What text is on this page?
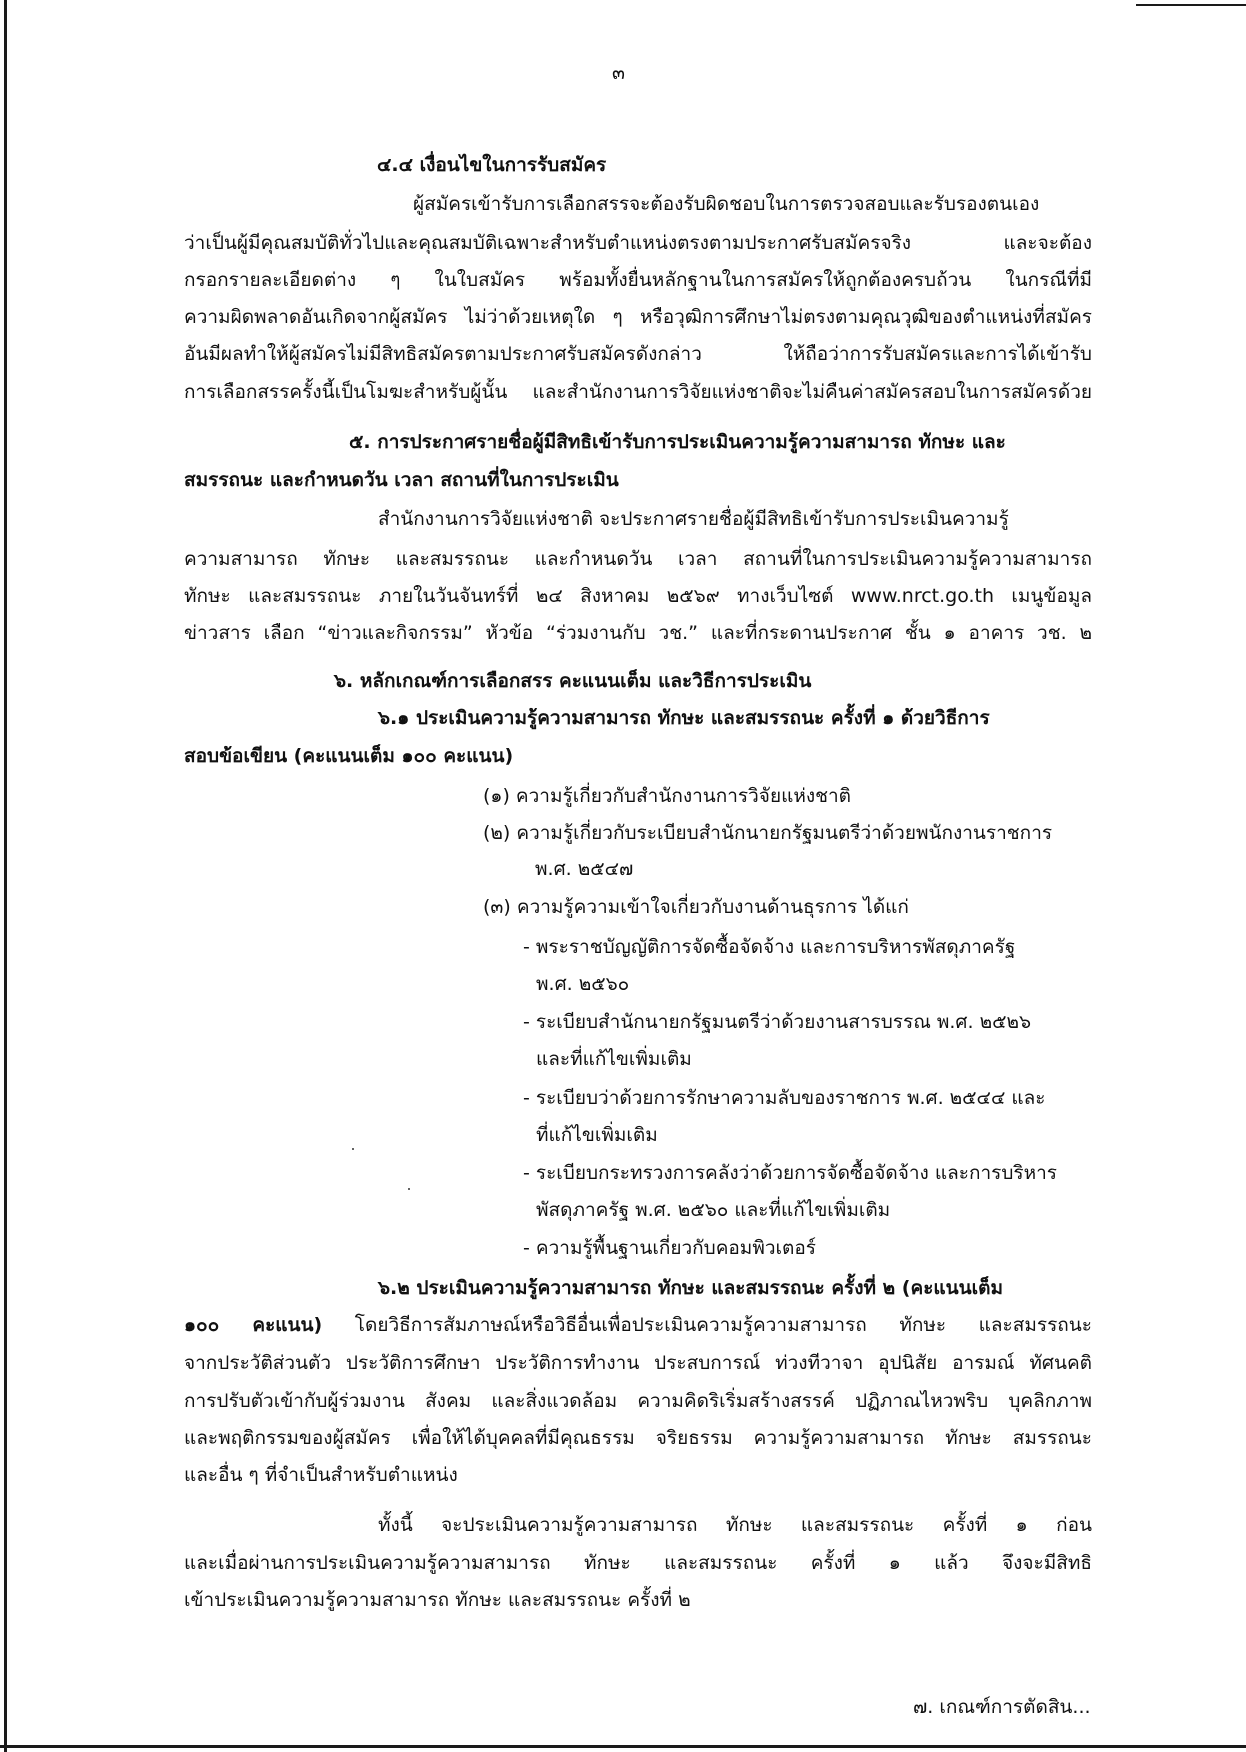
๓
๔.๔ เงื่อนไขในการรับสมัคร
ผู้สมัครเข้ารับการเลือกสรรจะต้องรับผิดชอบในการตรวจสอบและรับรองตนเอง
ว่าเป็นผู้มีคุณสมบัติทั่วไปและคุณสมบัติเฉพาะสำหรับตำแหน่งตรงตามประกาศรับสมัครจริง และจะต้อง
กรอกรายละเอียดต่าง ๆ ในใบสมัคร พร้อมทั้งยื่นหลักฐานในการสมัครให้ถูกต้องครบถ้วน ในกรณีที่มี
ความผิดพลาดอันเกิดจากผู้สมัคร ไม่ว่าด้วยเหตุใด ๆ หรือวุฒิการศึกษาไม่ตรงตามคุณวุฒิของตำแหน่งที่สมัคร
อันมีผลทำให้ผู้สมัครไม่มีสิทธิสมัครตามประกาศรับสมัครดังกล่าว ให้ถือว่าการรับสมัครและการได้เข้ารับ
การเลือกสรรครั้งนี้เป็นโมฆะสำหรับผู้นั้น และสำนักงานการวิจัยแห่งชาติจะไม่คืนค่าสมัครสอบในการสมัครด้วย
๕. การประกาศรายชื่อผู้มีสิทธิเข้ารับการประเมินความรู้ความสามารถ ทักษะ และ
สมรรถนะ และกำหนดวัน เวลา สถานที่ในการประเมิน
สำนักงานการวิจัยแห่งชาติ จะประกาศรายชื่อผู้มีสิทธิเข้ารับการประเมินความรู้
ความสามารถ ทักษะ และสมรรถนะ และกำหนดวัน เวลา สถานที่ในการประเมินความรู้ความสามารถ
ทักษะ และสมรรถนะ ภายในวันจันทร์ที่ ๒๔ สิงหาคม ๒๕๖๙ ทางเว็บไซต์ www.nrct.go.th เมนูข้อมูล
ข่าวสาร เลือก “ข่าวและกิจกรรม” หัวข้อ “ร่วมงานกับ วช.” และที่กระดานประกาศ ชั้น ๑ อาคาร วช. ๒
๖. หลักเกณฑ์การเลือกสรร คะแนนเต็ม และวิธีการประเมิน
๖.๑ ประเมินความรู้ความสามารถ ทักษะ และสมรรถนะ ครั้งที่ ๑ ด้วยวิธีการ
สอบข้อเขียน (คะแนนเต็ม ๑๐๐ คะแนน)
(๑) ความรู้เกี่ยวกับสำนักงานการวิจัยแห่งชาติ
(๒) ความรู้เกี่ยวกับระเบียบสำนักนายกรัฐมนตรีว่าด้วยพนักงานราชการ
พ.ศ. ๒๕๔๗
(๓) ความรู้ความเข้าใจเกี่ยวกับงานด้านธุรการ ได้แก่
- พระราชบัญญัติการจัดซื้อจัดจ้าง และการบริหารพัสดุภาครัฐ
พ.ศ. ๒๕๖๐
- ระเบียบสำนักนายกรัฐมนตรีว่าด้วยงานสารบรรณ พ.ศ. ๒๕๒๖
และที่แก้ไขเพิ่มเติม
- ระเบียบว่าด้วยการรักษาความลับของราชการ พ.ศ. ๒๕๔๔ และ
ที่แก้ไขเพิ่มเติม
- ระเบียบกระทรวงการคลังว่าด้วยการจัดซื้อจัดจ้าง และการบริหาร
พัสดุภาครัฐ พ.ศ. ๒๕๖๐ และที่แก้ไขเพิ่มเติม
- ความรู้พื้นฐานเกี่ยวกับคอมพิวเตอร์
๖.๒ ประเมินความรู้ความสามารถ ทักษะ และสมรรถนะ ครั้งที่ ๒ (คะแนนเต็ม
๑๐๐ คะแนน) โดยวิธีการสัมภาษณ์หรือวิธีอื่นเพื่อประเมินความรู้ความสามารถ ทักษะ และสมรรถนะ
จากประวัติส่วนตัว ประวัติการศึกษา ประวัติการทำงาน ประสบการณ์ ท่วงทีวาจา อุปนิสัย อารมณ์ ทัศนคติ
การปรับตัวเข้ากับผู้ร่วมงาน สังคม และสิ่งแวดล้อม ความคิดริเริ่มสร้างสรรค์ ปฏิภาณไหวพริบ บุคลิกภาพ
และพฤติกรรมของผู้สมัคร เพื่อให้ได้บุคคลที่มีคุณธรรม จริยธรรม ความรู้ความสามารถ ทักษะ สมรรถนะ
และอื่น ๆ ที่จำเป็นสำหรับตำแหน่ง
ทั้งนี้ จะประเมินความรู้ความสามารถ ทักษะ และสมรรถนะ ครั้งที่ ๑ ก่อน
และเมื่อผ่านการประเมินความรู้ความสามารถ ทักษะ และสมรรถนะ ครั้งที่ ๑ แล้ว จึงจะมีสิทธิ
เข้าประเมินความรู้ความสามารถ ทักษะ และสมรรถนะ ครั้งที่ ๒
๗. เกณฑ์การตัดสิน...
